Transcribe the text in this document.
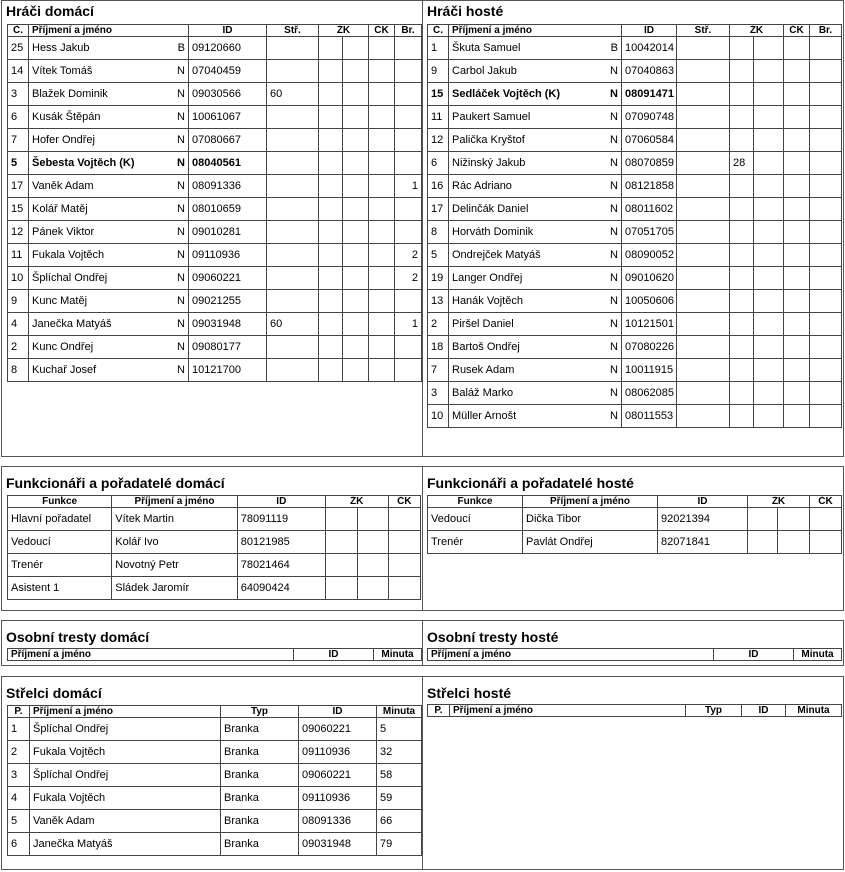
Hráči domácí
Č.	Příjmení a jméno	ID	Stř.	ŽK		ČK	Br.
25	Hess Jakub B	09120660					
14	Vítek Tomáš N	07040459					
3	Blažek Dominik N	09030566	60				
6	Kusák Štěpán N	10061067					
7	Hofer Ondřej N	07080667					
5	Šebesta Vojtěch (K) N	08040561					
17	Vaněk Adam N	08091336					1
15	Kolář Matěj N	08010659					
12	Pánek Viktor N	09010281					
11	Fukala Vojtěch N	09110936					2
10	Šplíchal Ondřej N	09060221					2
9	Kunc Matěj N	09021255					
4	Janečka Matyáš N	09031948	60				1
2	Kunc Ondřej N	09080177					
8	Kuchař Josef N	10121700					
Hráči hosté
Č.	Příjmení a jméno	ID	Stř.	ŽK		ČK	Br.
1	Škuta Samuel B	10042014					
9	Carbol Jakub N	07040863					
15	Sedláček Vojtěch (K) N	08091471					
11	Paukert Samuel N	07090748					
12	Palička Kryštof N	07060584					
6	Nižinský Jakub N	08070859		28			
16	Rác Adriano N	08121858					
17	Delinčák Daniel N	08011602					
8	Horváth Dominik N	07051705					
5	Ondrejček Matyáš N	08090052					
19	Langer Ondřej N	09010620					
13	Hanák Vojtěch N	10050606					
2	Piršel Daniel N	10121501					
18	Bartoš Ondřej N	07080226					
7	Rusek Adam N	10011915					
3	Baláž Marko N	08062085					
10	Müller Arnošt N	08011553					
Funkcionáři a pořadatelé domácí
Funkce	Příjmení a jméno	ID	ŽK		ČK
Hlavní pořadatel	Vítek Martin	78091119			
Vedoucí	Kolář Ivo	80121985			
Trenér	Novotný Petr	78021464			
Asistent 1	Sládek Jaromír	64090424			
Funkcionáři a pořadatelé hosté
Funkce	Příjmení a jméno	ID	ŽK		ČK
Vedoucí	Dička Tibor	92021394			
Trenér	Pavlát Ondřej	82071841			
Osobní tresty domácí
Příjmení a jméno	ID	Minuta
Osobní tresty hosté
Příjmení a jméno	ID	Minuta
Střelci domácí
P.	Příjmení a jméno	Typ	ID	Minuta
1	Šplíchal Ondřej	Branka	09060221	5
2	Fukala Vojtěch	Branka	09110936	32
3	Šplíchal Ondřej	Branka	09060221	58
4	Fukala Vojtěch	Branka	09110936	59
5	Vaněk Adam	Branka	08091336	66
6	Janečka Matyáš	Branka	09031948	79
Střelci hosté
P.	Příjmení a jméno	Typ	ID	Minuta
